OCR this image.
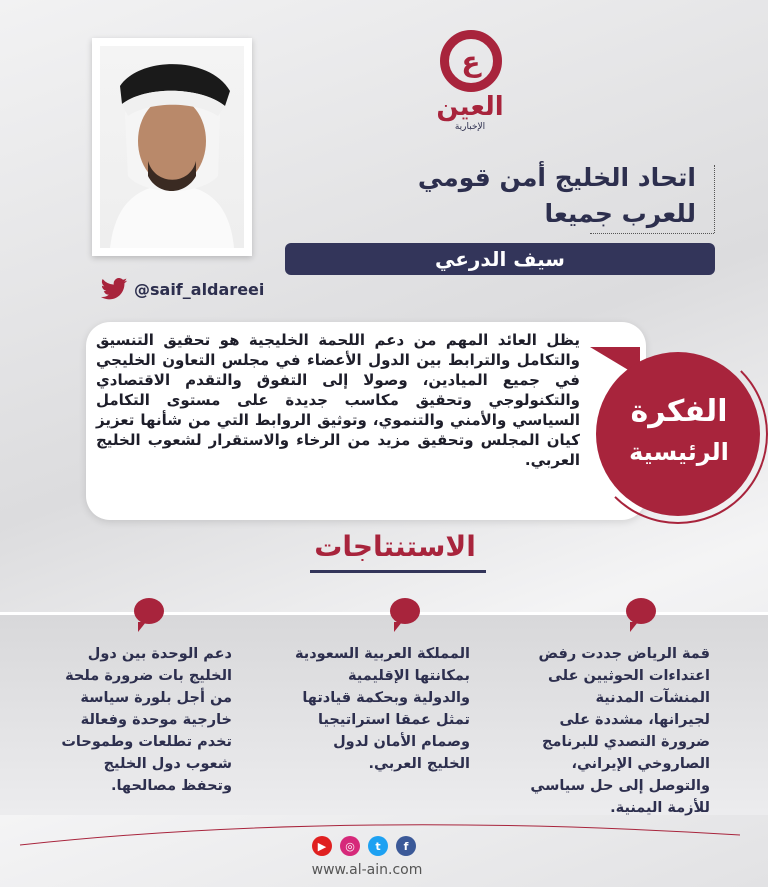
ع
العين
الإخبارية
اتحاد الخليج أمن قومي للعرب جميعا
سيف الدرعي
@saif_aldareei
يظل العائد المهم من دعم اللحمة الخليجية هو تحقيق التنسيق والتكامل والترابط بين الدول الأعضاء في مجلس التعاون الخليجي في جميع الميادين، وصولا إلى التفوق والتقدم الاقتصادي والتكنولوجي وتحقيق مكاسب جديدة على مستوى التكامل السياسي والأمني والتنموي، وتوثيق الروابط التي من شأنها تعزيز كيان المجلس وتحقيق مزيد من الرخاء والاستقرار لشعوب الخليج العربي.
الفكرة
الرئيسية
الاستنتاجات
قمة الرياض جددت رفض اعتداءات الحوثيين على المنشآت المدنية لجيرانها، مشددة على ضرورة التصدي للبرنامج الصاروخي الإيراني، والتوصل إلى حل سياسي للأزمة اليمنية.
المملكة العربية السعودية بمكانتها الإقليمية والدولية وبحكمة قيادتها تمثل عمقا استراتيجيا وصمام الأمان لدول الخليج العربي.
دعم الوحدة بين دول الخليج بات ضرورة ملحة من أجل بلورة سياسة خارجية موحدة وفعالة تخدم تطلعات وطموحات شعوب دول الخليج وتحفظ مصالحها.
▶	◎	t	f
www.al-ain.com
